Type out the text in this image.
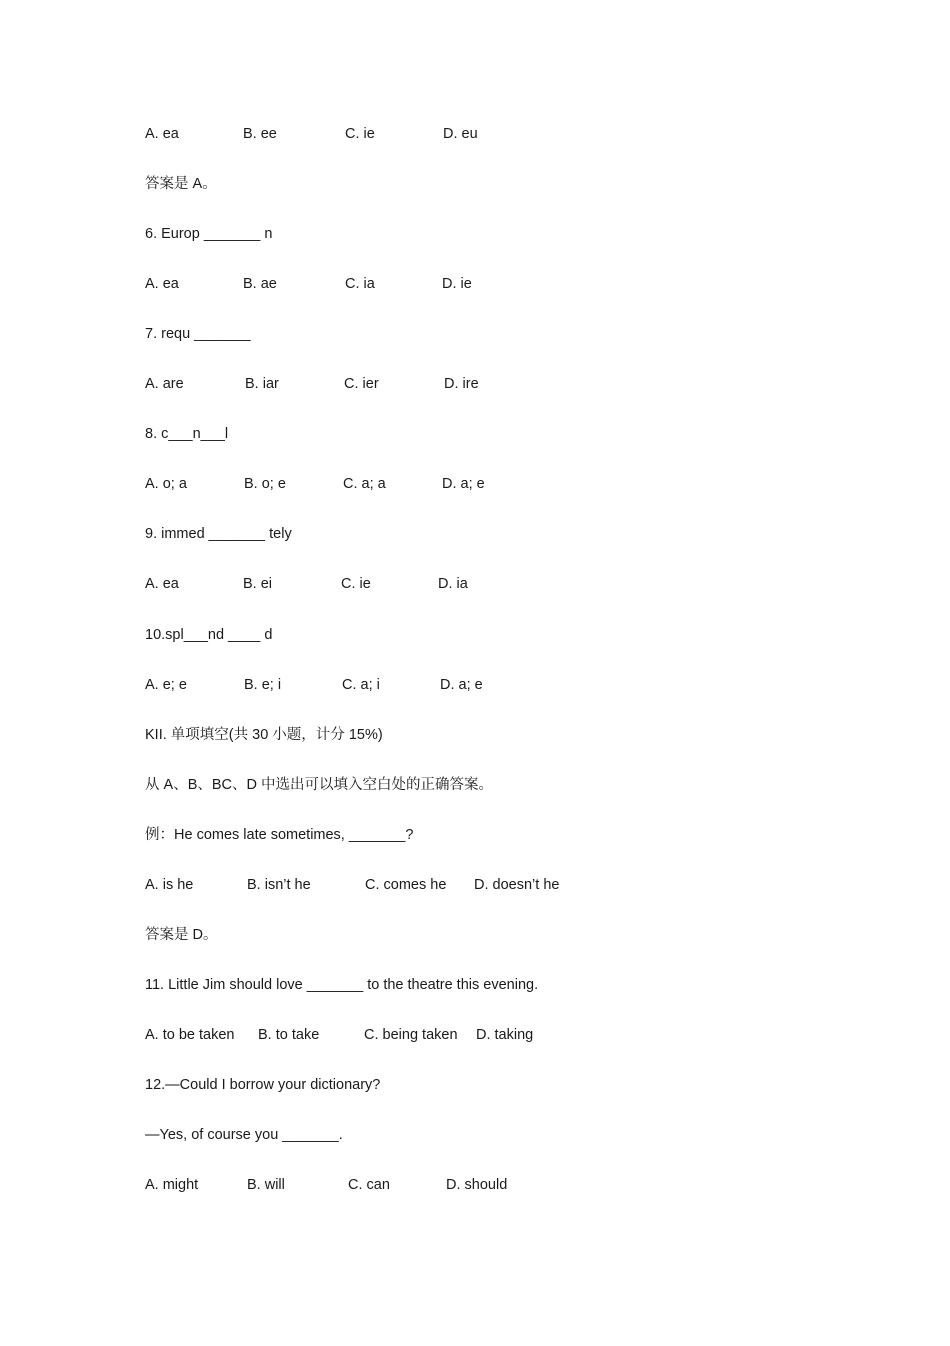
A. ea	B. ee	C. ie	D. eu
答案是 A。
6. Europ _______ n
A. ea	B. ae	C. ia	D. ie
7. requ _______
A. are	B. iar	C. ier	D. ire
8. c___n___l
A. o; a	B. o; e	C. a; a	D. a; e
9. immed _______ tely
A. ea	B. ei	C. ie	D. ia
10.spl___nd ____ d
A. e; e	B. e; i	C. a; i	D. a; e
KII. 单项填空(共 30 小题，计分 15%)
从 A、B、BC、D 中选出可以填入空白处的正确答案。
例：He comes late sometimes, _______?
A. is he	B. isn’t he	C. comes he D. doesn’t he
答案是 D。
11. Little Jim should love _______ to the theatre this evening.
A. to be taken B. to take	C. being taken D. taking
12.—Could I borrow your dictionary?
—Yes, of course you _______.
A. might	B. will	C. can	D. should
